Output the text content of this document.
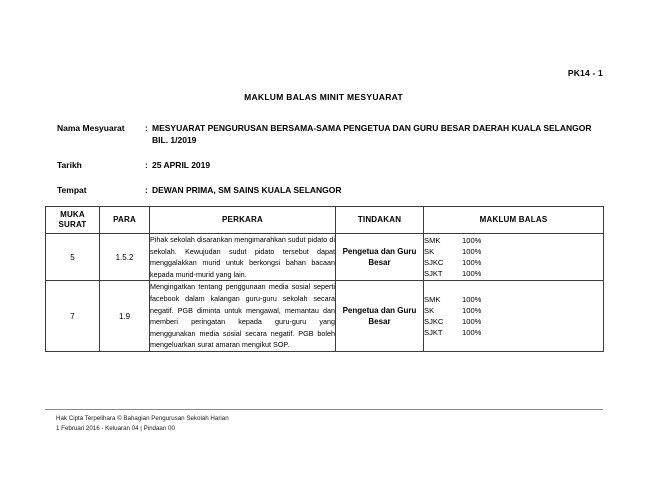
PK14 - 1
MAKLUM BALAS MINIT MESYUARAT
Nama Mesyuarat	: MESYUARAT PENGURUSAN BERSAMA-SAMA PENGETUA DAN GURU BESAR DAERAH KUALA SELANGOR
BIL. 1/2019
Tarikh	: 25 APRIL 2019
Tempat	: DEWAN PRIMA, SM SAINS KUALA SELANGOR
MUKA
SURAT	PARA	PERKARA	TINDAKAN	MAKLUM BALAS
5	1.5.2	Pihak sekolah disarankan mengimarahkan sudut pidato di sekolah. Kewujudan sudut pidato tersebut dapat menggalakkan murid untuk berkongsi bahan bacaan kepada murid-murid yang lain.	Pengetua dan Guru Besar	
SMK	100%
SK	100%
SJKC	100%
SJKT	100%

7	1.9	Mengingatkan tentang penggunaan media sosial seperti facebook dalam kalangan guru-guru sekolah secara negatif. PGB diminta untuk mengawal, memantau dan memberi peringatan kepada guru-guru yang menggunakan media sosial secara negatif. PGB boleh mengeluarkan surat amaran mengikut SOP.	Pengetua dan Guru Besar	
SMK	100%
SK	100%
SJKC	100%
SJKT	100%
Hak Cipta Terpelihara © Bahagian Pengurusan Sekolah Harian
1 Februari 2016 - Keluaran 04 | Pindaan 00
